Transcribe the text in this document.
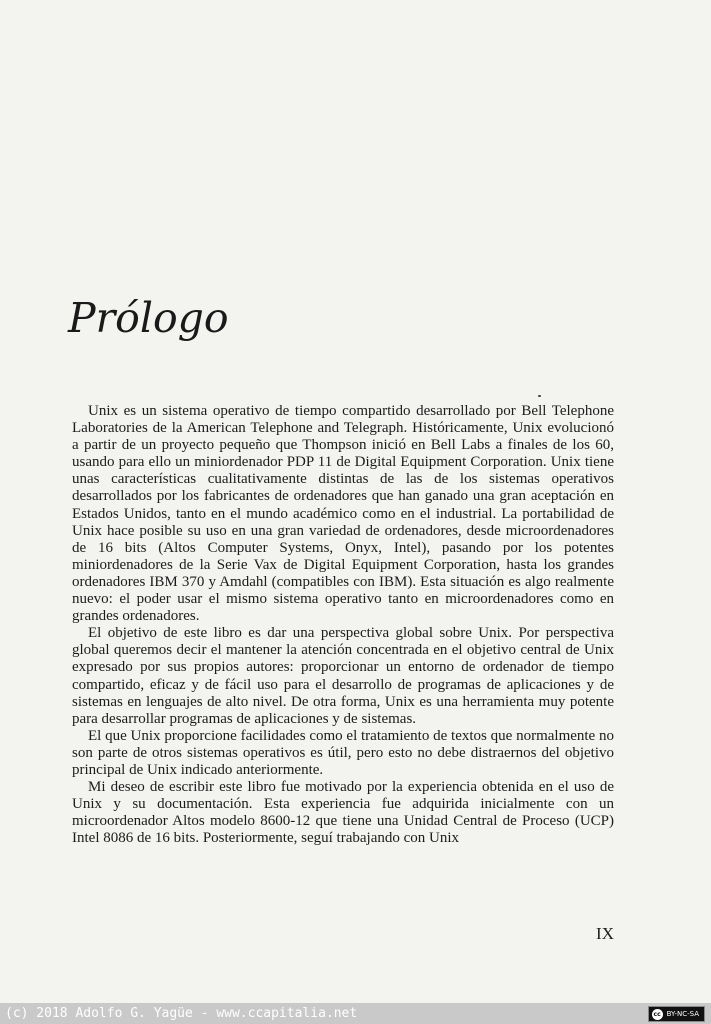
Prólogo

Unix es un sistema operativo de tiempo compartido desarrollado por Bell Telephone Laboratories de la American Telephone and Telegraph. Históricamente, Unix evolucionó a partir de un proyecto pequeño que Thompson inició en Bell Labs a finales de los 60, usando para ello un miniordenador PDP 11 de Digital Equipment Corporation. Unix tiene unas características cualitativamente distintas de las de los sistemas operativos desarrollados por los fabricantes de ordenadores que han ganado una gran aceptación en Estados Unidos, tanto en el mundo académico como en el industrial. La portabilidad de Unix hace posible su uso en una gran variedad de ordenadores, desde microordenadores de 16 bits (Altos Computer Systems, Onyx, Intel), pasando por los potentes miniordenadores de la Serie Vax de Digital Equipment Corporation, hasta los grandes ordenadores IBM 370 y Amdahl (compatibles con IBM). Esta situación es algo realmente nuevo: el poder usar el mismo sistema operativo tanto en microordenadores como en grandes ordenadores.

El objetivo de este libro es dar una perspectiva global sobre Unix. Por perspectiva global queremos decir el mantener la atención concentrada en el objetivo central de Unix expresado por sus propios autores: proporcionar un entorno de ordenador de tiempo compartido, eficaz y de fácil uso para el desarrollo de programas de aplicaciones y de sistemas en lenguajes de alto nivel. De otra forma, Unix es una herramienta muy potente para desarrollar programas de aplicaciones y de sistemas.

El que Unix proporcione facilidades como el tratamiento de textos que normalmente no son parte de otros sistemas operativos es útil, pero esto no debe distraernos del objetivo principal de Unix indicado anteriormente.

Mi deseo de escribir este libro fue motivado por la experiencia obtenida en el uso de Unix y su documentación. Esta experiencia fue adquirida inicialmente con un microordenador Altos modelo 8600-12 que tiene una Unidad Central de Proceso (UCP) Intel 8086 de 16 bits. Posteriormente, seguí trabajando con Unix

IX
(c) 2018 Adolfo G. Yagüe - www.ccapitalia.net	cc BY-NC-SA
